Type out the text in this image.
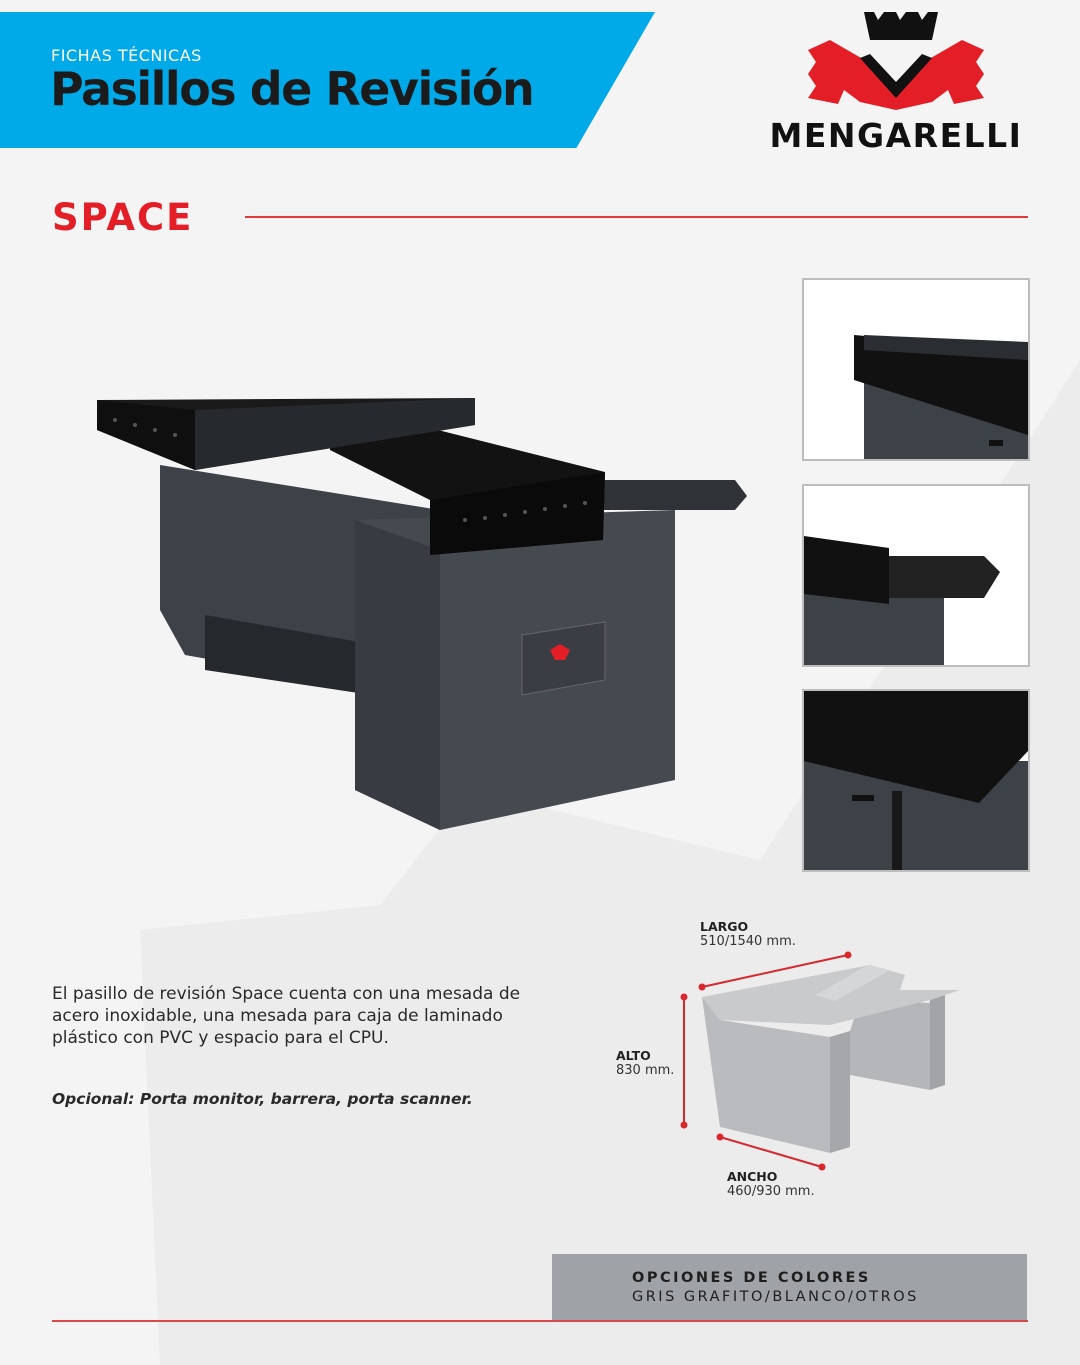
FICHAS TÉCNICAS

Pasillos de Revisión
MENGARELLI
SPACE

El pasillo de revisión Space cuenta con una mesada de acero inoxidable, una mesada para caja de laminado plástico con PVC y espacio para el CPU.

Opcional: Porta monitor, barrera, porta scanner.

LARGO
510/1540 mm.
ALTO
830 mm.
ANCHO
460/930 mm.
OPCIONES DE COLORES
GRIS GRAFITO/BLANCO/OTROS
